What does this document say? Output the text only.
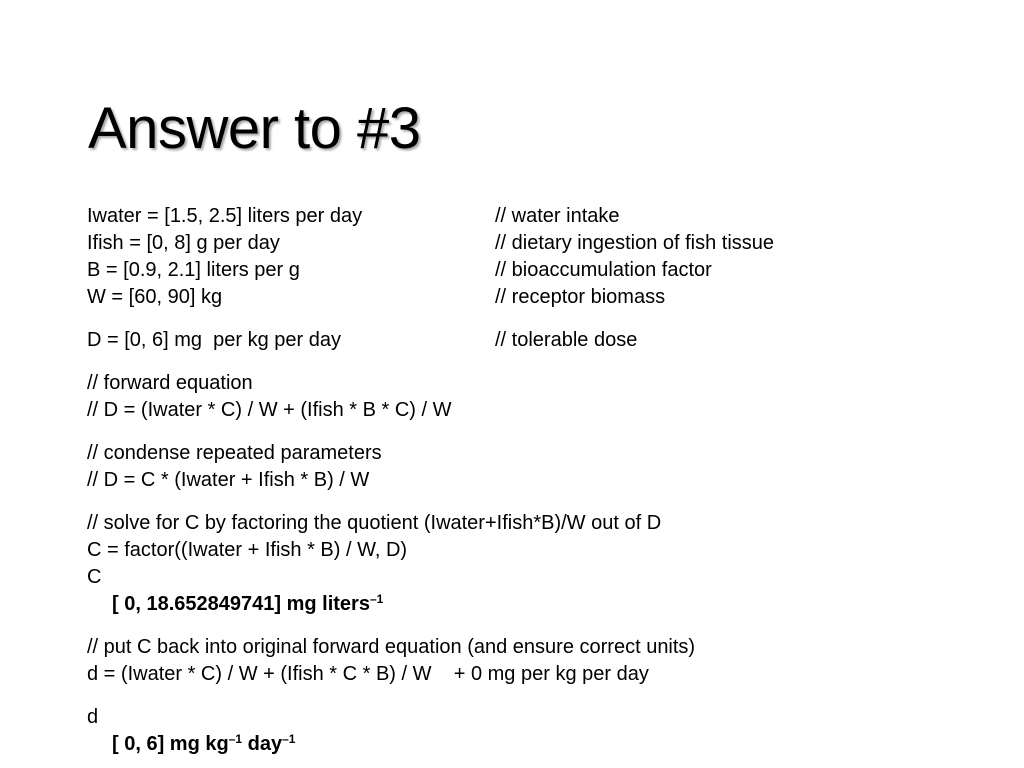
Answer to #3
Iwater = [1.5, 2.5] liters per day	// water intake
Ifish = [0, 8] g per day	// dietary ingestion of fish tissue
B = [0.9, 2.1] liters per g	// bioaccumulation factor
W = [60, 90] kg	// receptor biomass
D = [0, 6] mg  per kg per day	// tolerable dose
// forward equation
// D = (Iwater * C) / W + (Ifish * B * C) / W
// condense repeated parameters
// D = C * (Iwater + Ifish * B) / W
// solve for C by factoring the quotient (Iwater+Ifish*B)/W out of D
C = factor((Iwater + Ifish * B) / W, D)
C
[ 0, 18.652849741] mg liters$^{-1}$
// put C back into original forward equation (and ensure correct units)
d = (Iwater * C) / W + (Ifish * C * B) / W    + 0 mg per kg per day
d
[ 0, 6] mg $kg^{-1}$ day$^{-1}$
